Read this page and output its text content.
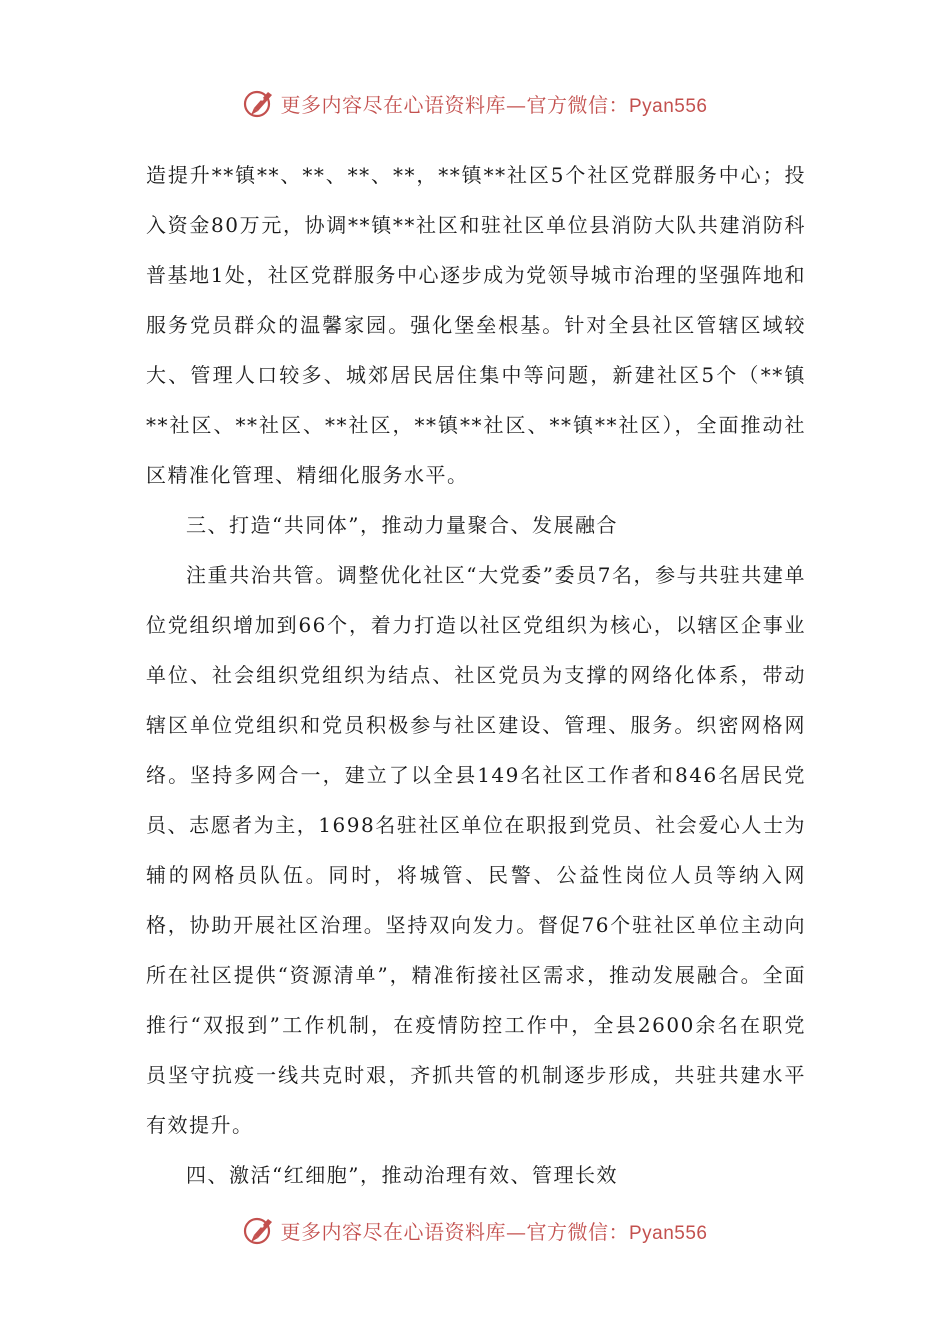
更多内容尽在心语资料库—官方微信：Pyan556

造提升**镇**、**、**、**，**镇**社区5个社区党群服务中心；投入资金80万元，协调**镇**社区和驻社区单位县消防大队共建消防科普基地1处，社区党群服务中心逐步成为党领导城市治理的坚强阵地和服务党员群众的温馨家园。强化堡垒根基。针对全县社区管辖区域较大、管理人口较多、城郊居民居住集中等问题，新建社区5个（**镇**社区、**社区、**社区，**镇**社区、**镇**社区），全面推动社区精准化管理、精细化服务水平。

三、打造“共同体”，推动力量聚合、发展融合

注重共治共管。调整优化社区“大党委”委员7名，参与共驻共建单位党组织增加到66个，着力打造以社区党组织为核心，以辖区企事业单位、社会组织党组织为结点、社区党员为支撑的网络化体系，带动辖区单位党组织和党员积极参与社区建设、管理、服务。织密网格网络。坚持多网合一，建立了以全县149名社区工作者和846名居民党员、志愿者为主，1698名驻社区单位在职报到党员、社会爱心人士为辅的网格员队伍。同时，将城管、民警、公益性岗位人员等纳入网格，协助开展社区治理。坚持双向发力。督促76个驻社区单位主动向所在社区提供“资源清单”，精准衔接社区需求，推动发展融合。全面推行“双报到”工作机制，在疫情防控工作中，全县2600余名在职党员坚守抗疫一线共克时艰，齐抓共管的机制逐步形成，共驻共建水平有效提升。

四、激活“红细胞”，推动治理有效、管理长效

更多内容尽在心语资料库—官方微信：Pyan556
